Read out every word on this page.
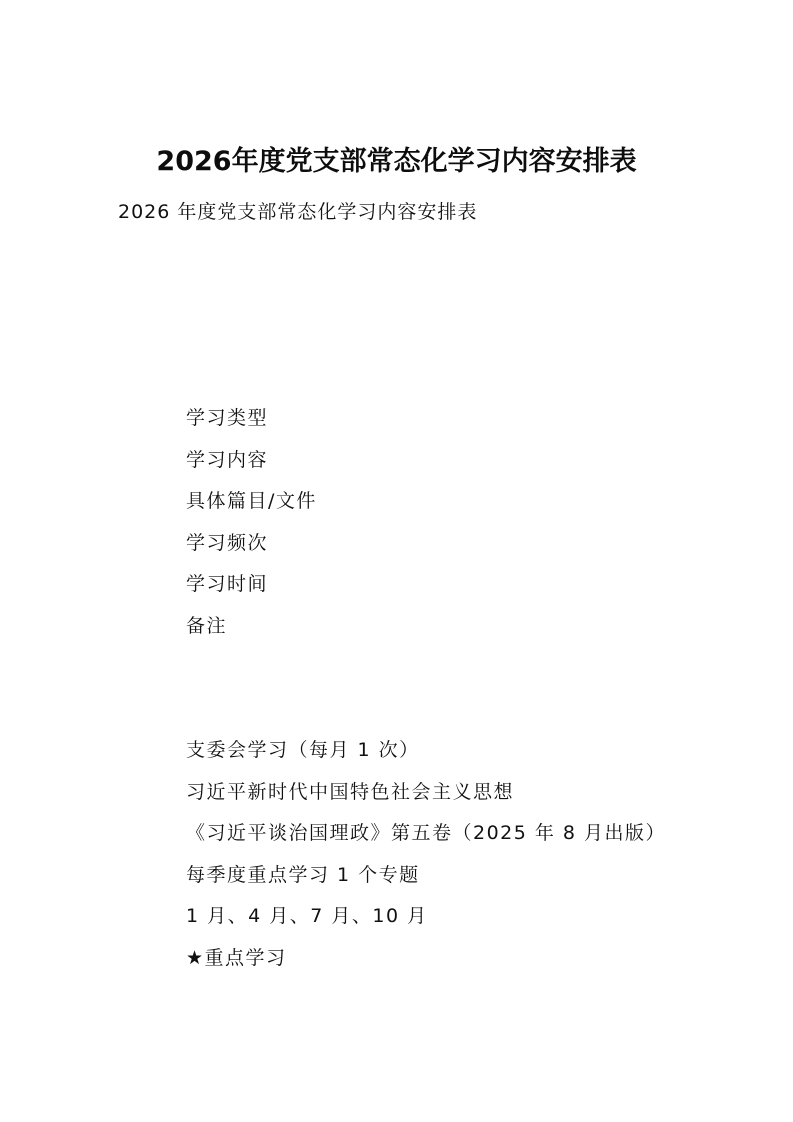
2026年度党支部常态化学习内容安排表
2026 年度党支部常态化学习内容安排表
学习类型
学习内容
具体篇目/文件
学习频次
学习时间
备注
支委会学习（每月 1 次）
习近平新时代中国特色社会主义思想
《习近平谈治国理政》第五卷（2025 年 8 月出版）
每季度重点学习 1 个专题
1 月、4 月、7 月、10 月
★重点学习
